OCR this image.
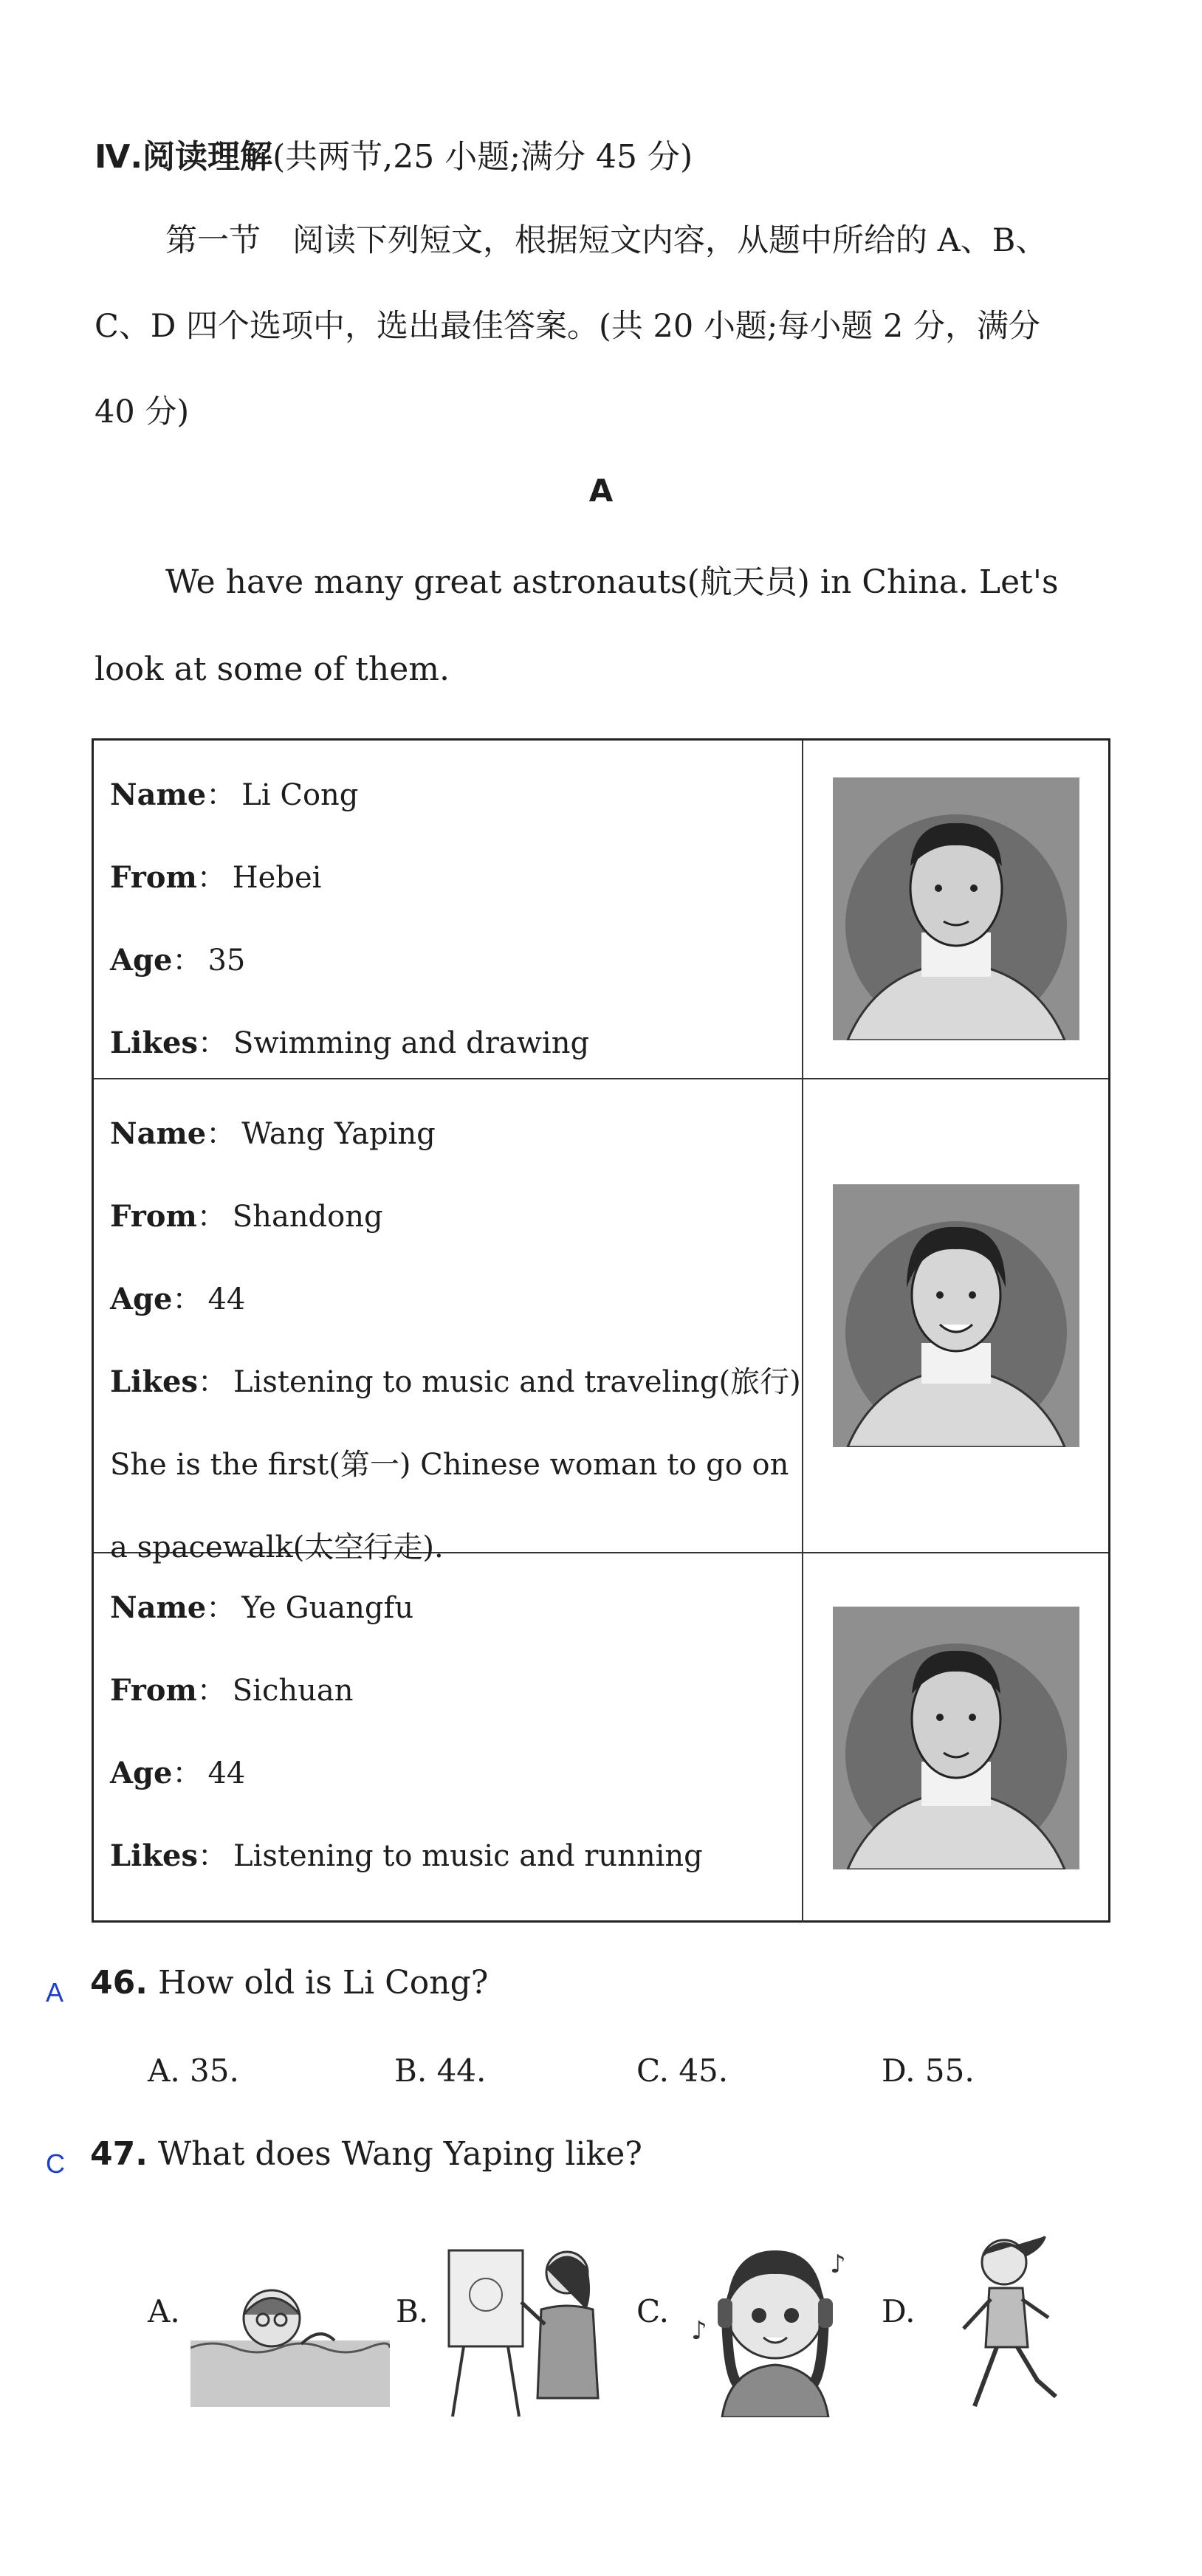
Ⅳ.阅读理解(共两节,25 小题;满分 45 分)
第一节　阅读下列短文，根据短文内容，从题中所给的 A、B、
C、D 四个选项中，选出最佳答案。(共 20 小题;每小题 2 分，满分
40 分)
A
We have many great astronauts(航天员) in China. Let's
look at some of them.
Name： Li Cong
From： Hebei
Age： 35
Likes： Swimming and drawing
Name： Wang Yaping
From： Shandong
Age： 44
Likes： Listening to music and traveling(旅行)
She is the first(第一) Chinese woman to go on
a spacewalk(太空行走).
Name： Ye Guangfu
From： Sichuan
Age： 44
Likes： Listening to music and running
A 46. How old is Li Cong?
A. 35.	B. 44.	C. 45.	D. 55.
C 47. What does Wang Yaping like?
A.	B.	C.
♪
♪
D.
